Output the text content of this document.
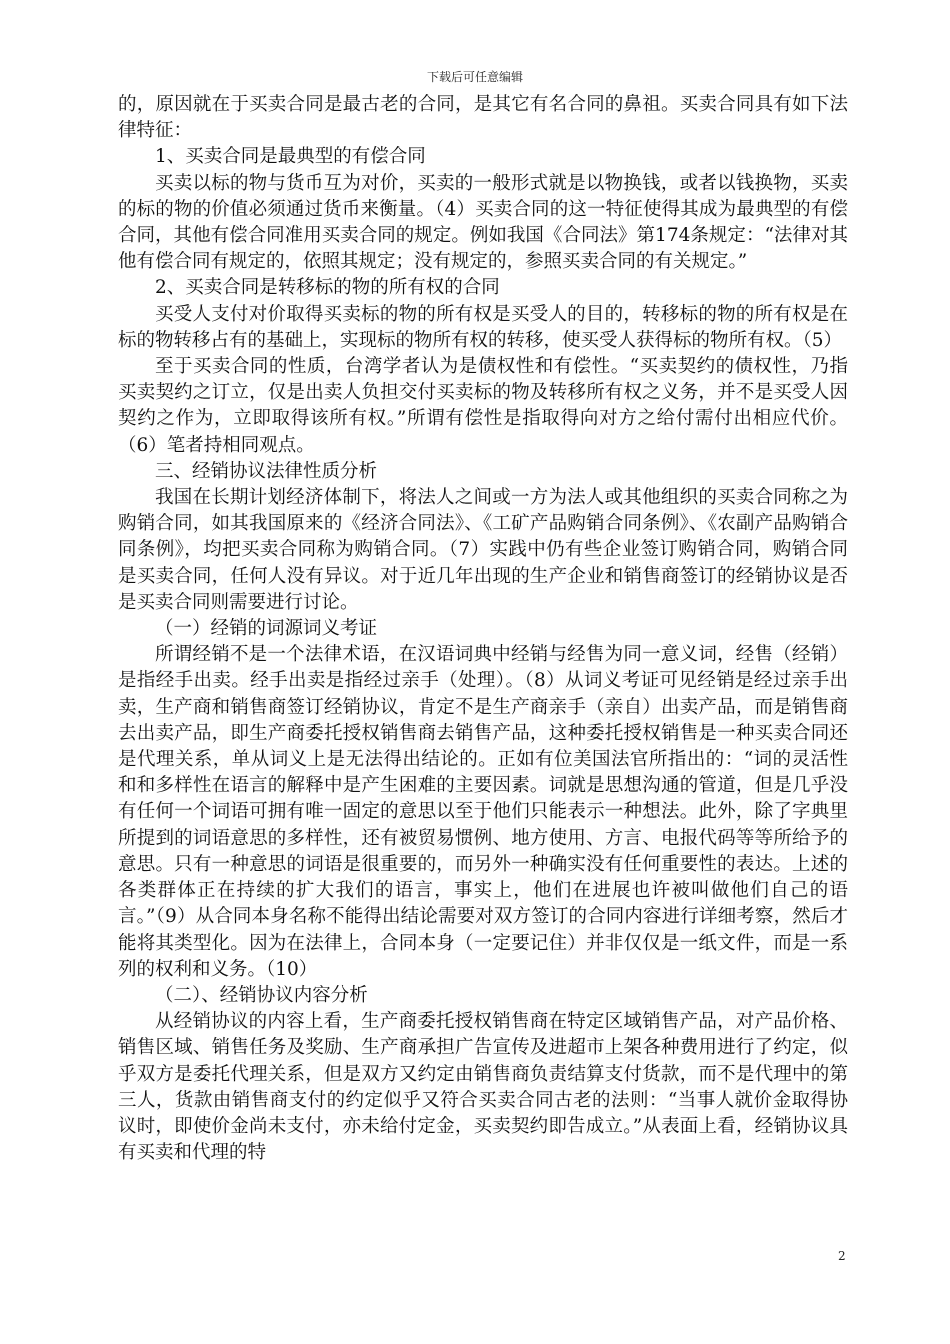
下载后可任意编辑

的，原因就在于买卖合同是最古老的合同，是其它有名合同的鼻祖。买卖合同具有如下法律特征：

1、买卖合同是最典型的有偿合同

买卖以标的物与货币互为对价，买卖的一般形式就是以物换钱，或者以钱换物，买卖的标的物的价值必须通过货币来衡量。（4）买卖合同的这一特征使得其成为最典型的有偿合同，其他有偿合同准用买卖合同的规定。例如我国《合同法》第174条规定：“法律对其他有偿合同有规定的，依照其规定；没有规定的，参照买卖合同的有关规定。”

2、买卖合同是转移标的物的所有权的合同

买受人支付对价取得买卖标的物的所有权是买受人的目的，转移标的物的所有权是在标的物转移占有的基础上，实现标的物所有权的转移，使买受人获得标的物所有权。（5）

至于买卖合同的性质，台湾学者认为是债权性和有偿性。“买卖契约的债权性，乃指买卖契约之订立，仅是出卖人负担交付买卖标的物及转移所有权之义务，并不是买受人因契约之作为，立即取得该所有权。”所谓有偿性是指取得向对方之给付需付出相应代价。（6）笔者持相同观点。

三、经销协议法律性质分析

我国在长期计划经济体制下，将法人之间或一方为法人或其他组织的买卖合同称之为购销合同，如其我国原来的《经济合同法》、《工矿产品购销合同条例》、《农副产品购销合同条例》，均把买卖合同称为购销合同。（7）实践中仍有些企业签订购销合同，购销合同是买卖合同，任何人没有异议。对于近几年出现的生产企业和销售商签订的经销协议是否是买卖合同则需要进行讨论。

（一）经销的词源词义考证

所谓经销不是一个法律术语，在汉语词典中经销与经售为同一意义词，经售（经销）是指经手出卖。经手出卖是指经过亲手（处理）。（8）从词义考证可见经销是经过亲手出卖，生产商和销售商签订经销协议，肯定不是生产商亲手（亲自）出卖产品，而是销售商去出卖产品，即生产商委托授权销售商去销售产品，这种委托授权销售是一种买卖合同还是代理关系，单从词义上是无法得出结论的。正如有位美国法官所指出的：“词的灵活性和和多样性在语言的解释中是产生困难的主要因素。词就是思想沟通的管道，但是几乎没有任何一个词语可拥有唯一固定的意思以至于他们只能表示一种想法。此外，除了字典里所提到的词语意思的多样性，还有被贸易惯例、地方使用、方言、电报代码等等所给予的意思。只有一种意思的词语是很重要的，而另外一种确实没有任何重要性的表达。上述的各类群体正在持续的扩大我们的语言，事实上，他们在进展也许被叫做他们自己的语言。”（9）从合同本身名称不能得出结论需要对双方签订的合同内容进行详细考察，然后才能将其类型化。因为在法律上，合同本身（一定要记住）并非仅仅是一纸文件，而是一系列的权利和义务。（10）

（二）、经销协议内容分析

从经销协议的内容上看，生产商委托授权销售商在特定区域销售产品，对产品价格、销售区域、销售任务及奖励、生产商承担广告宣传及进超市上架各种费用进行了约定，似乎双方是委托代理关系，但是双方又约定由销售商负责结算支付货款，而不是代理中的第三人，货款由销售商支付的约定似乎又符合买卖合同古老的法则：“当事人就价金取得协议时，即使价金尚未支付，亦未给付定金，买卖契约即告成立。”从表面上看，经销协议具有买卖和代理的特

2
